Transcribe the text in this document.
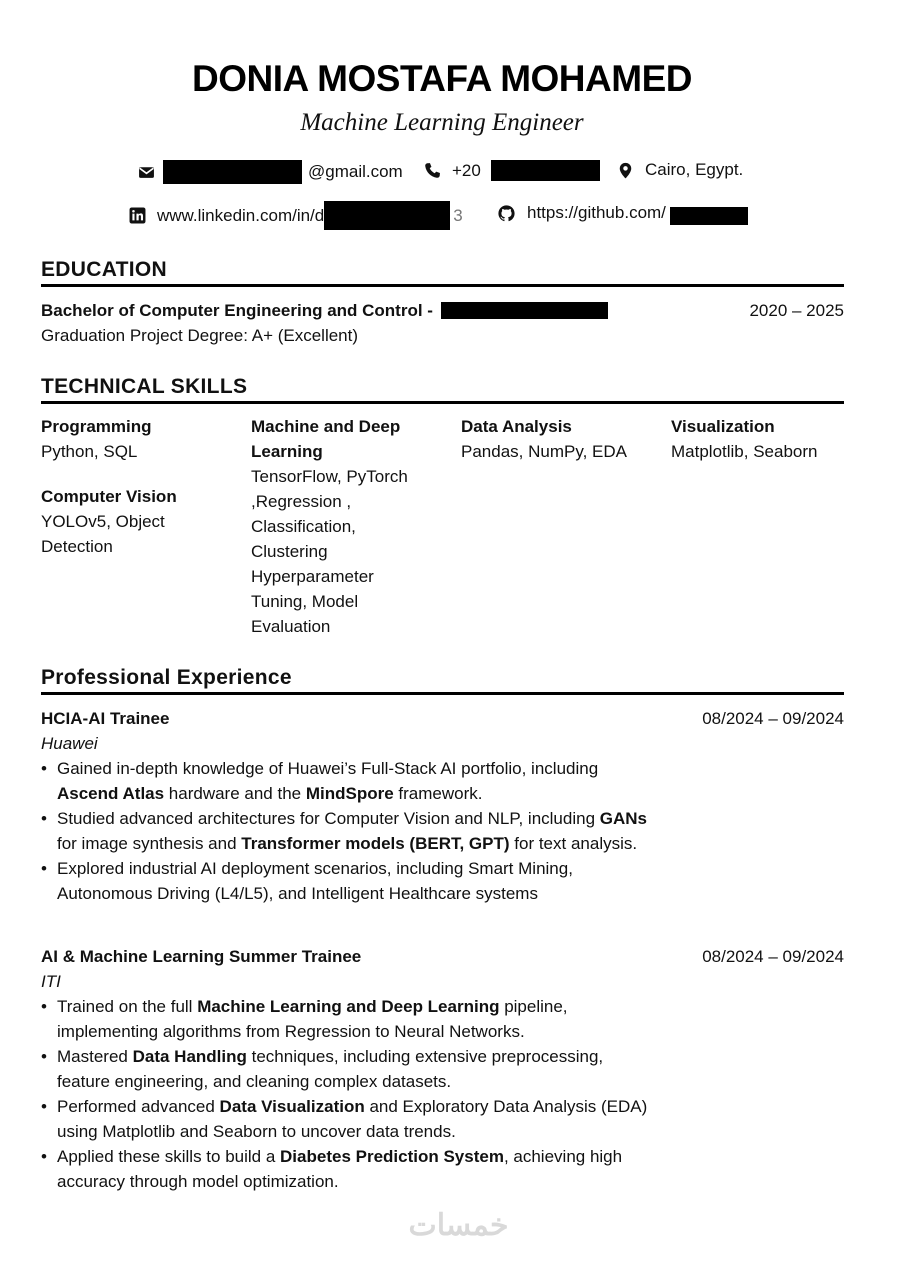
DONIA MOSTAFA MOHAMED
Machine Learning Engineer
@gmail.com	+20	Cairo, Egypt.
www.linkedin.com/in/d	3	https://github.com/
EDUCATION
Bachelor of Computer Engineering and Control -	2020 – 2025
Graduation Project Degree: A+ (Excellent)
TECHNICAL SKILLS
Programming
Python, SQL
Computer Vision
YOLOv5, Object Detection
Machine and Deep Learning
TensorFlow, PyTorch ,Regression , Classification, Clustering Hyperparameter Tuning, Model Evaluation
Data Analysis
Pandas, NumPy, EDA
Visualization
Matplotlib, Seaborn
Professional Experience
HCIA-AI Trainee	08/2024 – 09/2024
Huawei
• Gained in-depth knowledge of Huawei’s Full-Stack AI portfolio, including Ascend Atlas hardware and the MindSpore framework.
• Studied advanced architectures for Computer Vision and NLP, including GANs for image synthesis and Transformer models (BERT, GPT) for text analysis.
• Explored industrial AI deployment scenarios, including Smart Mining, Autonomous Driving (L4/L5), and Intelligent Healthcare systems
AI & Machine Learning Summer Trainee	08/2024 – 09/2024
ITI
• Trained on the full Machine Learning and Deep Learning pipeline, implementing algorithms from Regression to Neural Networks.
• Mastered Data Handling techniques, including extensive preprocessing, feature engineering, and cleaning complex datasets.
• Performed advanced Data Visualization and Exploratory Data Analysis (EDA) using Matplotlib and Seaborn to uncover data trends.
• Applied these skills to build a Diabetes Prediction System, achieving high accuracy through model optimization.
خمسات
